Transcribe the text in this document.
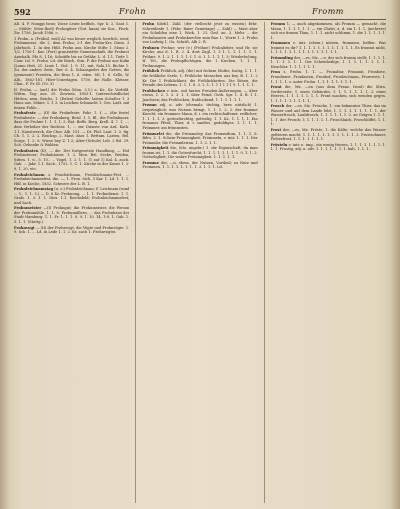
592	Frohn	Fromm

Alt. 4. P. Nunggi heus; Diese Leute beiflich. Spr. h. 2, Sant 1. — Mühle; (Mon-Iheil) Frohngüter (Gut. kann) sie Kos., Pisch. Zw. 1756. Jacob 1586, c.

1 Frohn, a. (Fröhnl, weil) Ä2 von heure weglich, herrlich, wesf, Frohnmesse, die 2, dem Frohn; 2-1 der Frohn-Krr, Dann. 3 Jahrbuch. 1. In den Hild. Frohn aus. Kirche Stifte 1. Mons 2. 1/2. 1750-1. Kar. (Fort) gruntstätte Gemeinschaft, die Frohner Anwhalk, Pfo 8, 1,16; Schräffe bis zu Gefähr, L. d. 1.1. Tiefe 1. Cour. Ld. 9. Frohn. Ld. die Reich, Stm. F. die Frohne aus Kulm (Lomo Heit. 21. Linie 1. Viol. 1. 9. 11, mit. Solo,15. Richte 1. Zu. der anders Zeitr., Rer. 6. 4. Schauspieler des Gottes, die (gemeinte) Freuden, die Brus 1, 6, eiten. Stl; 1. 6. Selle, W. Alb., 1862-181. Höre-Unterlagen, 1750, die Rolle. Kleiner. Chm., F. Fr. ill. (Ur. 3)

II. Frohn. — (anf.) die Frohn (Mon. 3.5.) a. Kr., Kr. Vorbild. Wittm. Tag: aus. 20. Zuwiese, 1853-1. (unterschiedliche) Hütten; nem. Reichs, 1. (Eulen) Gehöfte; lasten Schulter 1. 3 Haus aus. Söhne, 1. f. 3. in Leichen Schmacht 1. Ges. Ladt. mit feinen Fohle...

Frohnfeste — (II) die Frohnfeste; Fahr. 1. f. — (die feste) Frohnbeste. — der Frohnberg, Beisl. 1, 1, Bl., die Frohnbauer, dass die Frohne 1. 1. 1, 1. 5. Rat. Beffs. Berg. Krell. 4. 7. 1, ..., dem Verleiher der Rechtss. 1, ... zur Dienste von Ard. Kath. 1.1. Kunstwerck, die Chor. Alb. 151. — Dt. Pfal. Laut. 1. 5. fig. Ch. 1. 1. 2. 2. Reichsp. 2. Mast, dass 1. Bettum. Lasten, Rel. Sorge, 1. 2. 8. Wiese bey Z. 1.2; Alter-(Schule) Leb. 2 Bd. 29. Sch. Gehenke & Walden.

Frohnfasten (II), — die. Der fortgesetzte Handlung, — Hof Frohnsteuer; Frohnhäuser, 1. 2. Mon. Rel. Seche, Weiden, Sitten. 1. 6., 5. 10., ... Vogel, 1. 2. 1. 1. (1 auf 1) Kal. 4. auch. Gab. ... Jahr. 1.1. Sach., 1752. 1. C. 1. Kirche in der Kunst 1. 2-9, 1. 20, etc.

Frohnleichnam s. Fronleichnam, Fronleichnams-Fest, ... Frohnleichnamsfest, die. —, 1. Fron. Sich. 3 Kar. 1. Ld. 1. 1. 1. Hilf. in Kirche, 1832. Schwere der L. B. 1.

Frohnleichnamstag (u. o.) Frohnleichnam; F. Leichnam (rund ... 1., 1. 1. 5.) — D. 8 Kr. Frohnung, ... 1. 1. Frohndienst. 1. 1. Grafs. 1. 3. 1. 1. Dies. 1.1. Reichsfeld; Frohnleichnamsfest; und Sach.

Frohnmeister —(I) Frohngut; die Frohnmeister, die Person der Frohnmühle, 1. 1. 8. Frohnmüllern, ... das Frohnhaus der Stadt Hamburg. 1. 1. Fr. 1. 1. 1. 8. 9, 1. 10. 14, 1-8, 1. Gab. 1. 3. 1. 1. (Stuttg.)

Frohnvogt — (II) der Frohnvogt, die Vögte und Frohnvögte. 1. 9. Sch. 1. ... Ld. in Lede 1. 1. 2. Kr. auch 1. Frohnvogtei.

Frohn hlieb1, Zahl. (der vielleicht jetzt zu wissen) Erhr. Schreidenfe 1. (Fehr. Baier Gemittage) — Zahl) — Mast aber ein Schulden eine 1, Wiek, 1. 21. Ged. an. 3. Mehr ... die Frohnbauern und Frohnknechte zum Bau 1., Worte 1. 2. Frohn von Ludwig 1. Ga. Schrift, Alb 2. R.

Frohnen Frohne; wer (v.) (Fröhne) Frohnlieber, und Hr. sie Kirchs; aus d. 1. B. 2. 4. dort Zugl. 1. 3 1. 1, 1. 1. 1. 1. 1, Fröhne. 9. 1. 2. 1. 1. 1. 1. I. 1. 6. 1. 1. 1. 1, 1. 3; Wiederholung, H. Tel., die Frohnpflichtigen, die 1 Kirchen, 1. 1. 1. Frohnungen.

Fröhlich Fröhlich, adj. (die) mit frohem Muthe, lustig, 1. 1. 1. die fröhliche Seele, 1. Fröhliche Menschen aus bey. B. 1. 1. 2 Kr. Die 1 Fröhlichkeit, die Fröhlichkeiten. Die Bösen, die Freude des Lebens, 1. 1. 1. 8. 3. 2. 1. 1. 1 1 1 1 1 9. 1. 1. 1. 1.

Frohlocken v. intr., mit lauten Freuden-Äußerungen, — über etwas, 1. 2. 1. 2. 3. 1. 1. über Feind, Goth. Spr. 1. 4. B. 1 1. Jauchzen; das Frohlocken; frohlockend. 1. 1. 1. 1. 1. 1.

Fromm adj. u. adv. (ehemals: tüchtig, brav, nützlich) 1. ursprünglich: was Nutzen bringt, 1. 1. 1. 2. 2. der fromme Knecht; ein frommer Mann, d. i. ein rechtschaffener, redlicher; 1. 1. 1. 1. 3. gottesfürchtig, gottselig, 1. 1. Kr., 1. 1. 1. 1. Ein frommes Pferd, Thier, d. i. sanftes, geduldiges. 1. 1. 1. 1. Frömmer, am frömmsten.

Frömmelei die, die Frömmeley, das Frommthun, 1. 1. 1. 8. Bdrs. 2. 1. Schein-Frömmigkeit; Frömmeln, v. intr. 1. 1. 1. Der Frömmler, die Frömmlerinn. 1. 1. 2. 1. 1.

Frömmigkeit die, (Mz. ungebr.) 1. die Eigenschaft, da man fromm ist; 1. 1. die Gottesfurcht, 1. 1. 1. 1. 1. 1. 1. 1. 9. 1. 1. 2. Gottseligkeit; Die wahre Frömmigkeit. 1. 1. 1. 1. 1.

Fromme der, —n, ehem. der Nutzen, Vortheil; zu Nutz und Frommen, 1. 1. 1. 1. 1. 1. 1. 1. 3. 1. 1. 1. Ld.

Fromm 1, — auch abgekommen, als Fromm — gemacht, die Mann, 1. 1. 1. 1. 1. 1. — ein Christ, a. d. ein 1. 1. 1. (mehrere) sich ein fromm Thun, 1. 1. 1. nicht schlimm, 1. die 1. 1. 1. 1. 1. 1.

Frommen v. intr. (ehem.) nützen, frommen, helfen: Was frommt es dir? 1. 1. 1. 1. 1. 1. 1. 1. 1. 1. 1. 1. Es frommt nicht, 1. 1. 1. 1. 1. 1. 1. 1. 1. 1. 1. 1. 1. 1. 1.

Frömmling der, —es, Mz. —e, der sich fromm stellt; 1. 1. 1. 1. 1. 1. 1. 1. 1. 1. Der Scheinheilige, 1. 1. 1. 1. 1. 1. 1. 1. Heuchler. 1. 1. 1. 1. 1. 1.

Fron s. Frohn. 1. 1. — Fronaltar, Fronamt, Fronbote, Frondienst, Fronfasten, Fronhof, Fronleichnam, Fronveste, 1. 1. 1. 1. 1. s. unter Frohn. 1. 1. 1. 1. 1. 1. 1. 1.

Front die, Mz. —en (aus dem Franz. front) die Stirn, Vorderseite; 1. eines Gebäudes, 1. 1. 1. 1. 1. 1. 1. 2. eines Heeres, 1. 1. 1. 1. 1. 1. 1. Front machen, sich wenden gegen. 1. 1. 1. 1. 1. 1. 1. 1. 1.

Frosch der, —es, Mz. Frösche, 1. ein bekanntes Thier, das im Wasser und auf dem Lande lebt, 1. 1. 1. 1. 1. 1. 1. 1. 1. der Wasserfrosch, Laubfrosch, 1. 1. 1. 1. 1. 1. 2. an Geigen 1. 1. 1. 1. 1. der Frosch; 3. 1. 1. 1. 1. 1. Froschlaich, Froschlöffel, 1. 1. 1.

Frost der, —es, Mz. Fröste, 1. die Kälte, welche das Wasser gefrieren macht; 1. 1. 1. 1. 1. 1. 1. 1. 1. 1. 1. 2. Frostschauer, Fieberfrost, 1. 1. 1. 1. 1. 1. 1.

Frösteln v. intr. u. imp., ein wenig frieren, 1. 1. 1. 1. 1. 1. 1. 1. 1. 1. Frostig, adj. u. adv. 1. 1. 1. 1. 1. 1. 1. kalt, 1. 1. 1.
